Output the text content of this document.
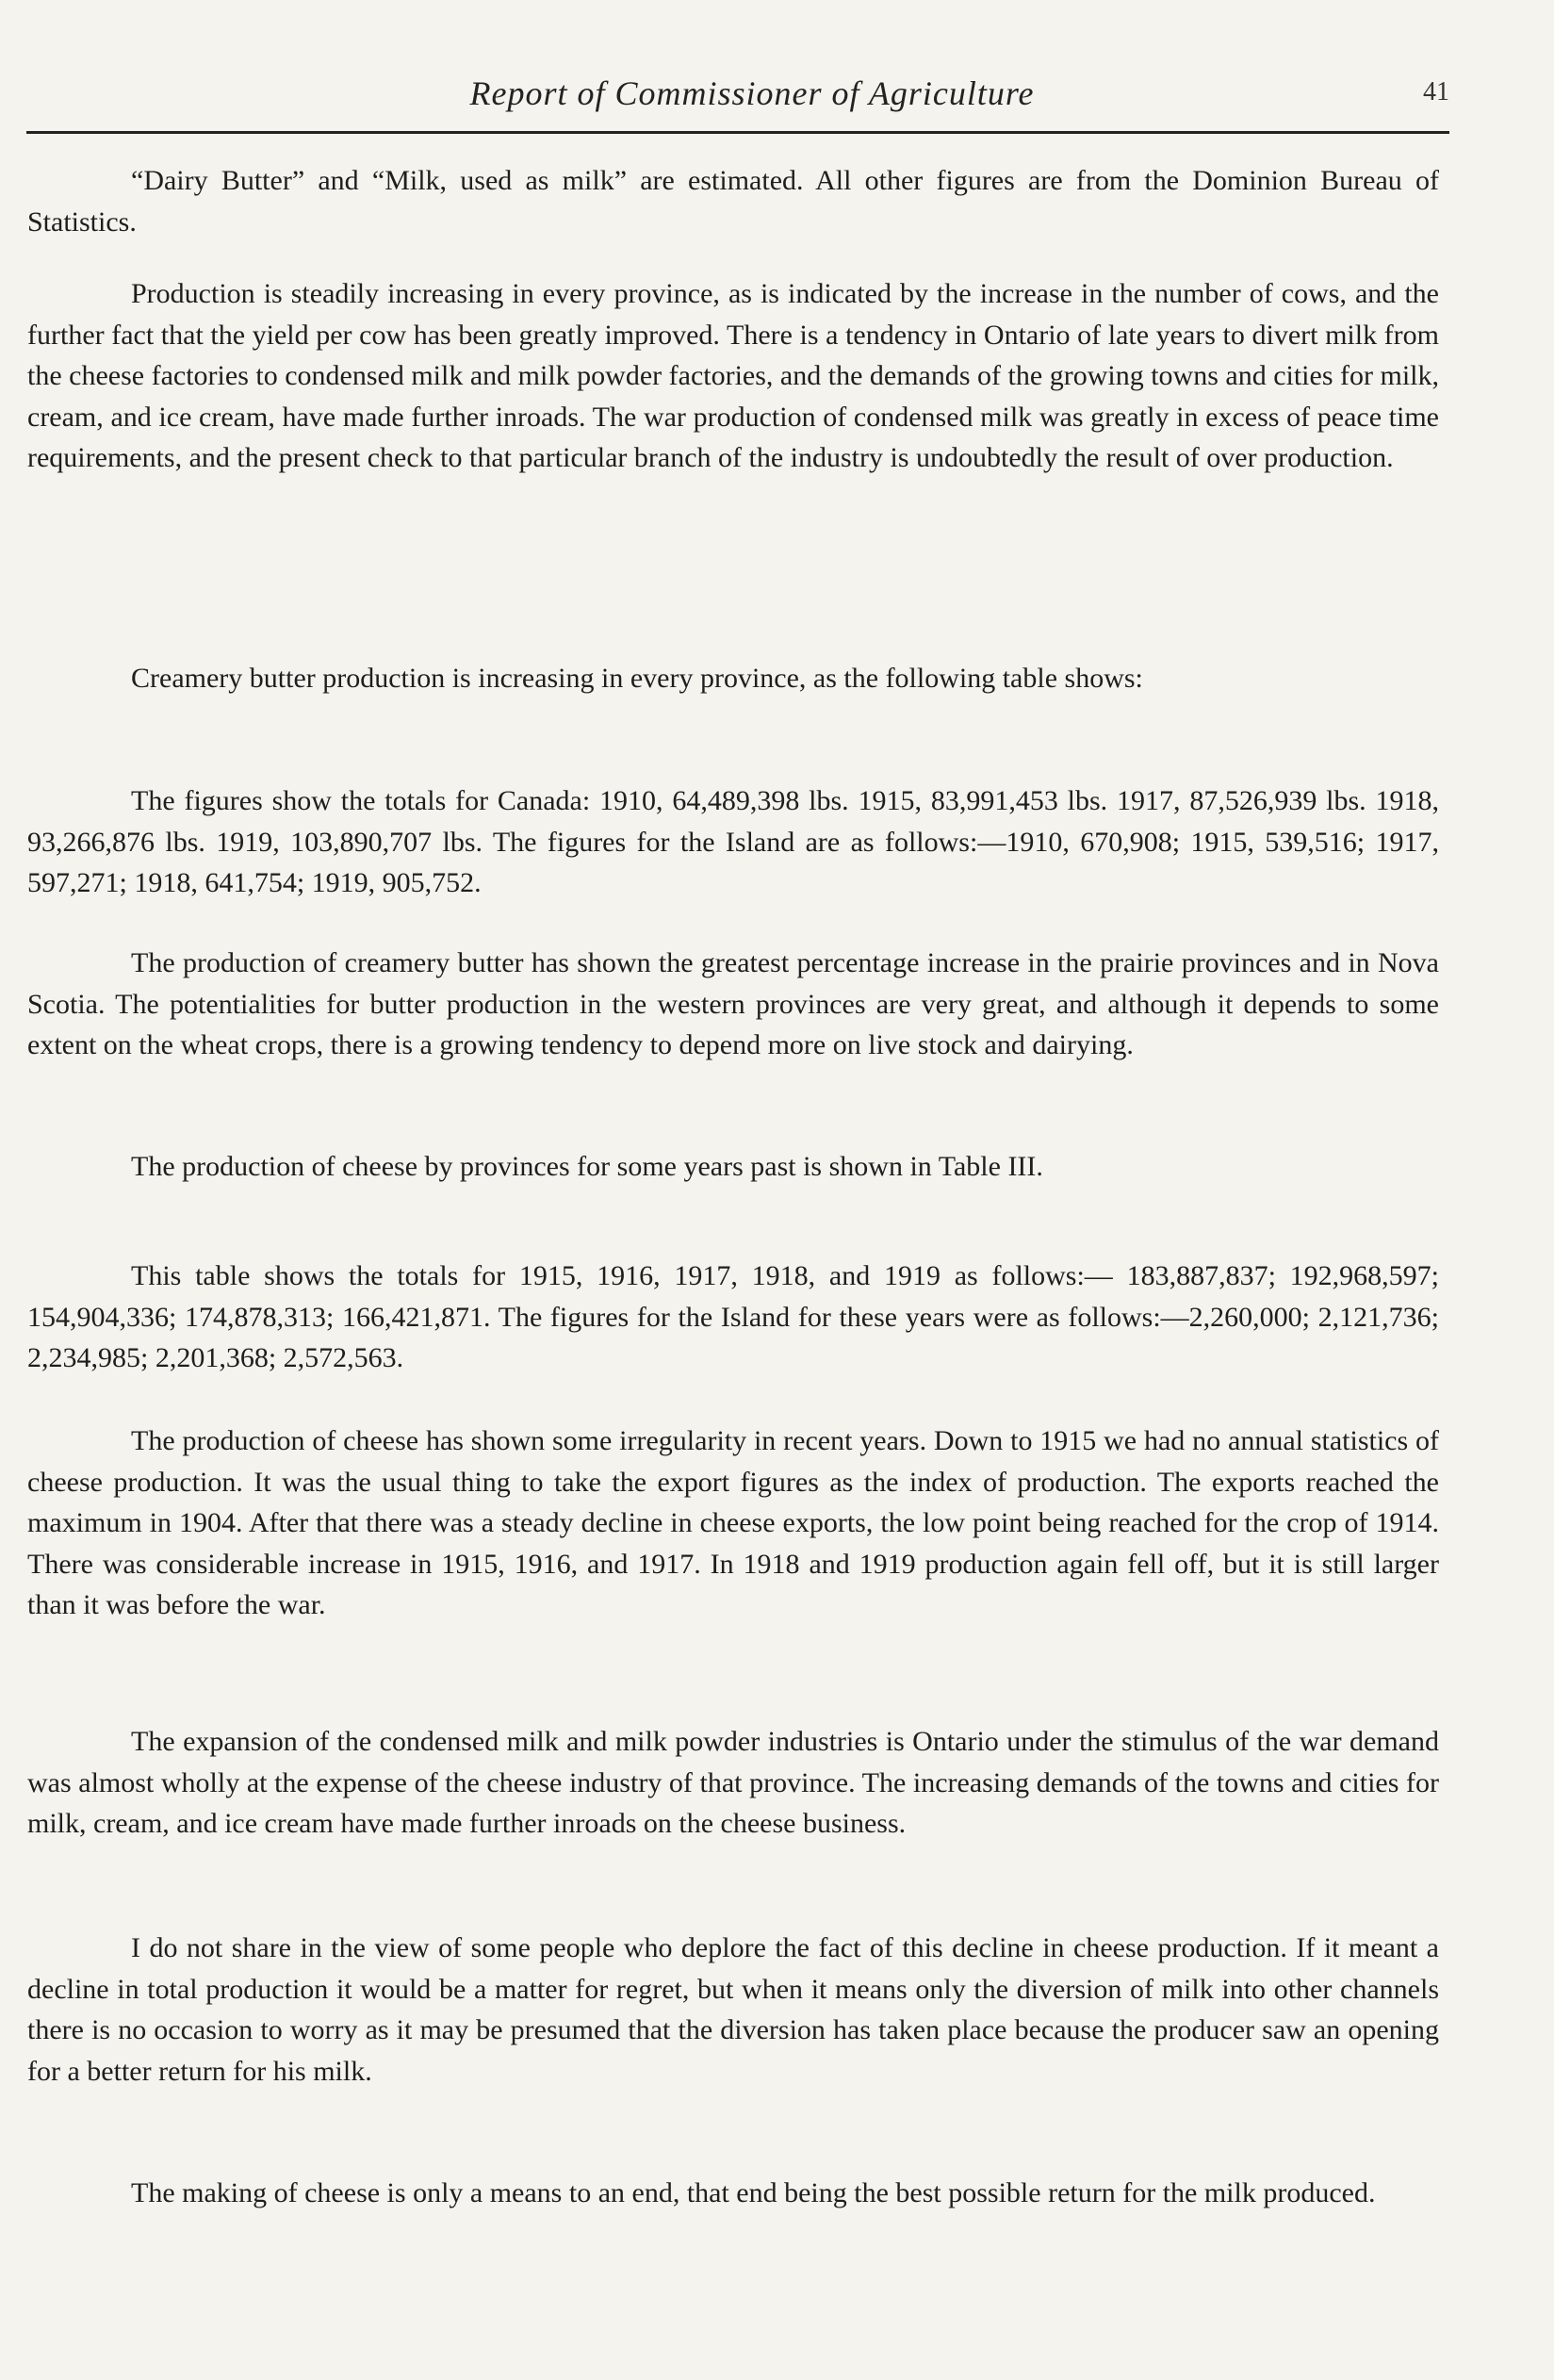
Report of Commissioner of Agriculture	41

“Dairy Butter” and “Milk, used as milk” are estimated. All other figures are from the Dominion Bureau of Statistics.

Production is steadily increasing in every province, as is indicated by the increase in the number of cows, and the further fact that the yield per cow has been greatly improved. There is a tendency in Ontario of late years to divert milk from the cheese factories to condensed milk and milk powder factories, and the demands of the growing towns and cities for milk, cream, and ice cream, have made further inroads. The war production of condensed milk was greatly in excess of peace time requirements, and the present check to that particular branch of the industry is undoubtedly the result of over production.

Creamery butter production is increasing in every province, as the following table shows:

The figures show the totals for Canada: 1910, 64,489,398 lbs. 1915, 83,991,453 lbs. 1917, 87,526,939 lbs. 1918, 93,266,876 lbs. 1919, 103,890,707 lbs. The figures for the Island are as follows:—1910, 670,908; 1915, 539,516; 1917, 597,271; 1918, 641,754; 1919, 905,752.

The production of creamery butter has shown the greatest percentage increase in the prairie provinces and in Nova Scotia. The potentialities for butter production in the western provinces are very great, and although it depends to some extent on the wheat crops, there is a growing tendency to depend more on live stock and dairying.

The production of cheese by provinces for some years past is shown in Table III.

This table shows the totals for 1915, 1916, 1917, 1918, and 1919 as follows:— 183,887,837; 192,968,597; 154,904,336; 174,878,313; 166,421,871. The figures for the Island for these years were as follows:—2,260,000; 2,121,736; 2,234,985; 2,201,368; 2,572,563.

The production of cheese has shown some irregularity in recent years. Down to 1915 we had no annual statistics of cheese production. It was the usual thing to take the export figures as the index of production. The exports reached the maximum in 1904. After that there was a steady decline in cheese exports, the low point being reached for the crop of 1914. There was considerable increase in 1915, 1916, and 1917. In 1918 and 1919 production again fell off, but it is still larger than it was before the war.

The expansion of the condensed milk and milk powder industries is Ontario under the stimulus of the war demand was almost wholly at the expense of the cheese industry of that province. The increasing demands of the towns and cities for milk, cream, and ice cream have made further inroads on the cheese business.

I do not share in the view of some people who deplore the fact of this decline in cheese production. If it meant a decline in total production it would be a matter for regret, but when it means only the diversion of milk into other channels there is no occasion to worry as it may be presumed that the diversion has taken place because the producer saw an opening for a better return for his milk.

The making of cheese is only a means to an end, that end being the best possible return for the milk produced.
